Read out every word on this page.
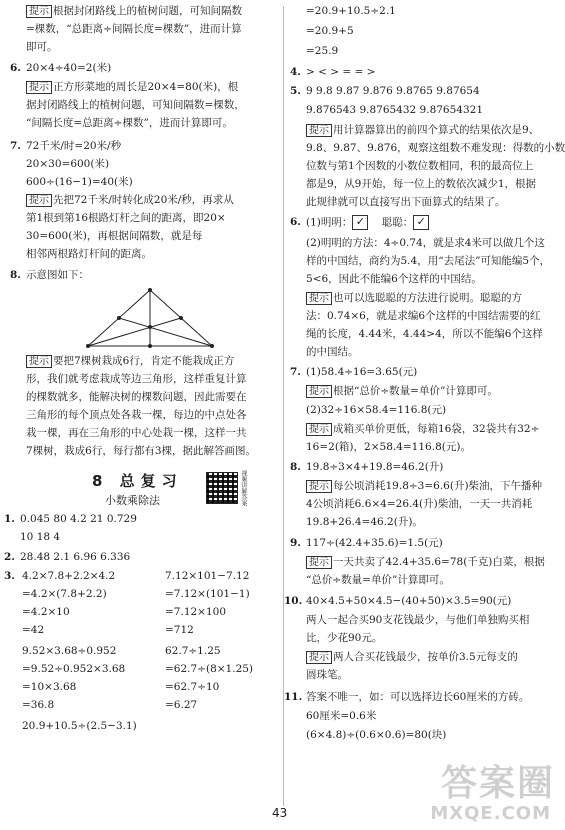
提示 根据封闭路线上的植树问题，可知间隔数
=棵数，“总距离÷间隔长度=棵数”，进而计算
即可。
6. 20×4÷40=2(米)
提示 正方形菜地的周长是20×4=80(米)，根
据封闭路线上的植树问题，可知间隔数=棵数，
“间隔长度=总距离÷棵数”，进而计算即可。
7. 72千米/时=20米/秒
20×30=600(米)
600÷(16−1)=40(米)
提示 先把72千米/时转化成20米/秒，再求从
第1根到第16根路灯杆之间的距离，即20×
30=600(米)，再根据间隔数，就是每
相邻两根路灯杆间的距离。
8. 示意图如下：
提示 要把7棵树栽成6行，肯定不能栽成正方
形，我们就考虑栽成等边三角形，这样重复计算
的棵数就多，能解决树的棵数问题，因此需要在
三角形的每个顶点处各栽一棵，每边的中点处各
栽一棵，再在三角形的中心处栽一棵，这样一共
7棵树，栽成6行，每行都有3棵，据此解答画图。
8 总复习
小数乘除法	视频讲解答案
1. 0.045 80 4.2 21 0.729
10 18 4
2. 28.48 2.1 6.96 6.336
3. 4.2×7.8+2.2×4.2
=4.2×(7.8+2.2)
=4.2×10
=42
7.12×101−7.12
=7.12×(101−1)
=7.12×100
=712
9.52×3.68÷0.952
=9.52÷0.952×3.68
=10×3.68
=36.8
62.7÷1.25
=62.7÷(8×1.25)
=62.7÷10
=6.27
20.9+10.5÷(2.5−3.1)
=20.9+10.5÷2.1
=20.9+5
=25.9
4. > < > = = >
5. 9 9.8 9.87 9.876 9.8765 9.87654
9.876543 9.8765432 9.87654321
提示 用计算器算出的前四个算式的结果依次是9、
9.8、9.87、9.876，观察这组数不难发现：得数的小数
位数与第1个因数的小数位数相同，积的最高位上
都是9，从9开始，每一位上的数依次减少1，根据
此规律就可以直接写出下面算式的结果了。
6. (1)明明： ✓ 聪聪： ✓
(2)明明的方法：4÷0.74，就是求4米可以做几个这
样的中国结，商约为5.4，用“去尾法”可知能编5个，
5<6，因此不能编6个这样的中国结。
提示 也可以选聪聪的方法进行说明。聪聪的方
法：0.74×6，就是求编6个这样的中国结需要的红
绳的长度，4.44米，4.44>4，所以不能编6个这样
的中国结。
7. (1)58.4÷16=3.65(元)
提示 根据“总价÷数量=单价”计算即可。
(2)32÷16×58.4=116.8(元)
提示 成箱买单价更低，每箱16袋，32袋共有32÷
16=2(箱)，2×58.4=116.8(元)。
8. 19.8÷3×4+19.8=46.2(升)
提示 每公顷消耗19.8÷3=6.6(升)柴油，下午播种
4公顷消耗6.6×4=26.4(升)柴油，一天一共消耗
19.8+26.4=46.2(升)。
9. 117÷(42.4+35.6)=1.5(元)
提示 一天共卖了42.4+35.6=78(千克)白菜，根据
“总价÷数量=单价”计算即可。
10. 40×4.5+50×4.5−(40+50)×3.5=90(元)
两人一起合买90支花钱最少，与他们单独购买相
比，少花90元。
提示 两人合买花钱最少，按单价3.5元每支的
圆珠笔。
11. 答案不唯一，如：可以选择边长60厘米的方砖。
60厘米=0.6米
(6×4.8)÷(0.6×0.6)=80(块)
43
答案圈
MXQE.COM
